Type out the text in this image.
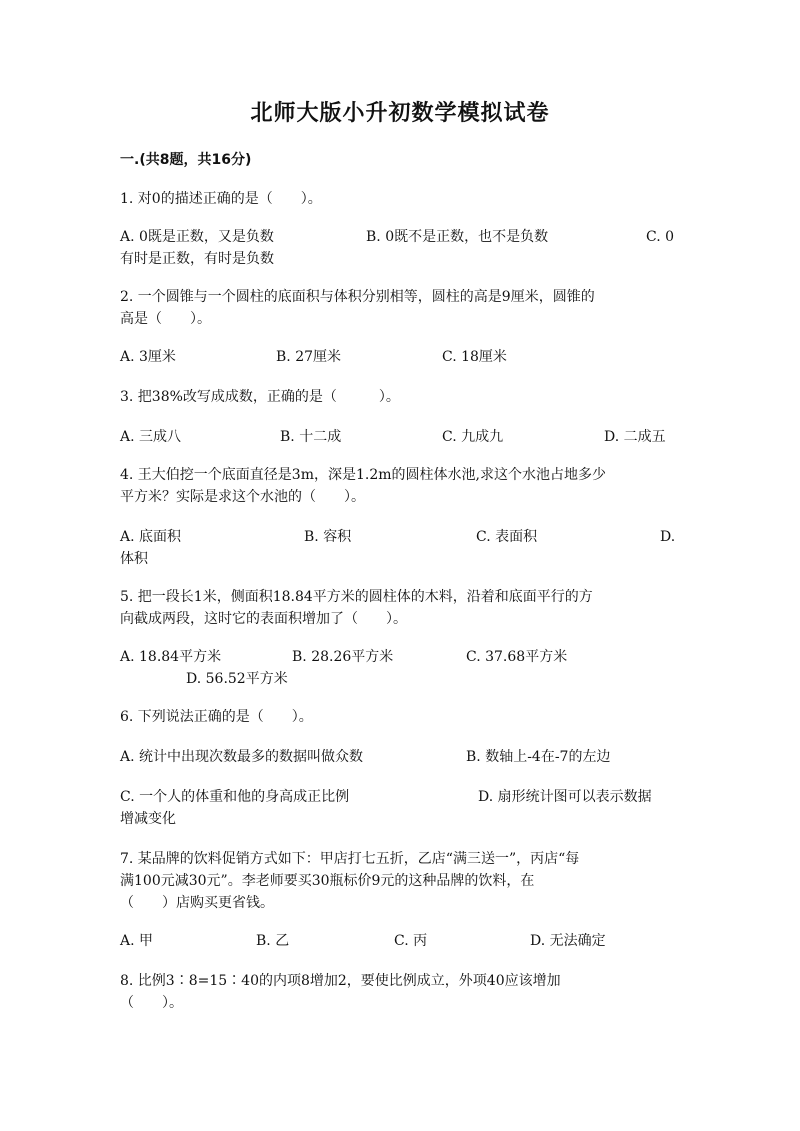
北师大版小升初数学模拟试卷
一.(共8题，共16分)
1. 对0的描述正确的是（　　）。
A. 0既是正数，又是负数	B. 0既不是正数，也不是负数	C. 0
有时是正数，有时是负数
2. 一个圆锥与一个圆柱的底面积与体积分别相等，圆柱的高是9厘米，圆锥的
高是（　　）。
A. 3厘米	B. 27厘米	C. 18厘米
3. 把38%改写成成数，正确的是（　　　）。
A. 三成八	B. 十二成	C. 九成九	D. 二成五
4. 王大伯挖一个底面直径是3m，深是1.2m的圆柱体水池,求这个水池占地多少
平方米？实际是求这个水池的（　　）。
A. 底面积	B. 容积	C. 表面积	D.
体积
5. 把一段长1米，侧面积18.84平方米的圆柱体的木料，沿着和底面平行的方
向截成两段，这时它的表面积增加了（　　）。
A. 18.84平方米	B. 28.26平方米	C. 37.68平方米
D. 56.52平方米
6. 下列说法正确的是（　　）。
A. 统计中出现次数最多的数据叫做众数	B. 数轴上-4在-7的左边
C. 一个人的体重和他的身高成正比例	D. 扇形统计图可以表示数据
增减变化
7. 某品牌的饮料促销方式如下：甲店打七五折，乙店“满三送一”，丙店“每
满100元减30元”。李老师要买30瓶标价9元的这种品牌的饮料，在
（　　）店购买更省钱。
A. 甲	B. 乙	C. 丙	D. 无法确定
8. 比例3∶8=15∶40的内项8增加2，要使比例成立，外项40应该增加
（　　）。
